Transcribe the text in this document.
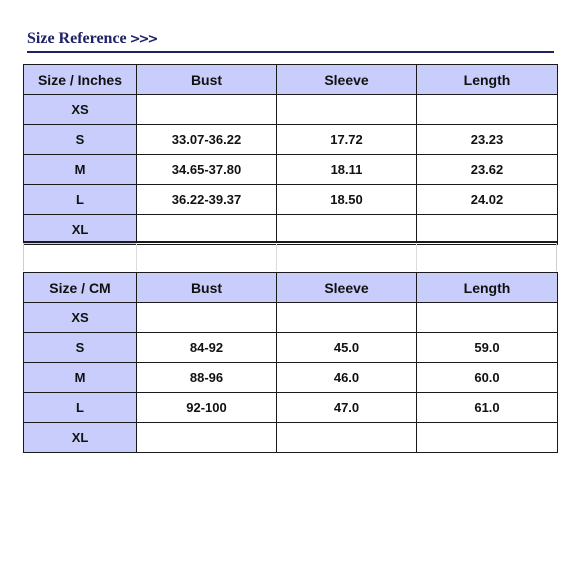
Size Reference >>>
Size / Inches	Bust	Sleeve	Length
XS			
S	33.07-36.22	17.72	23.23
M	34.65-37.80	18.11	23.62
L	36.22-39.37	18.50	24.02
XL			
Size / CM	Bust	Sleeve	Length
XS			
S	84-92	45.0	59.0
M	88-96	46.0	60.0
L	92-100	47.0	61.0
XL			
